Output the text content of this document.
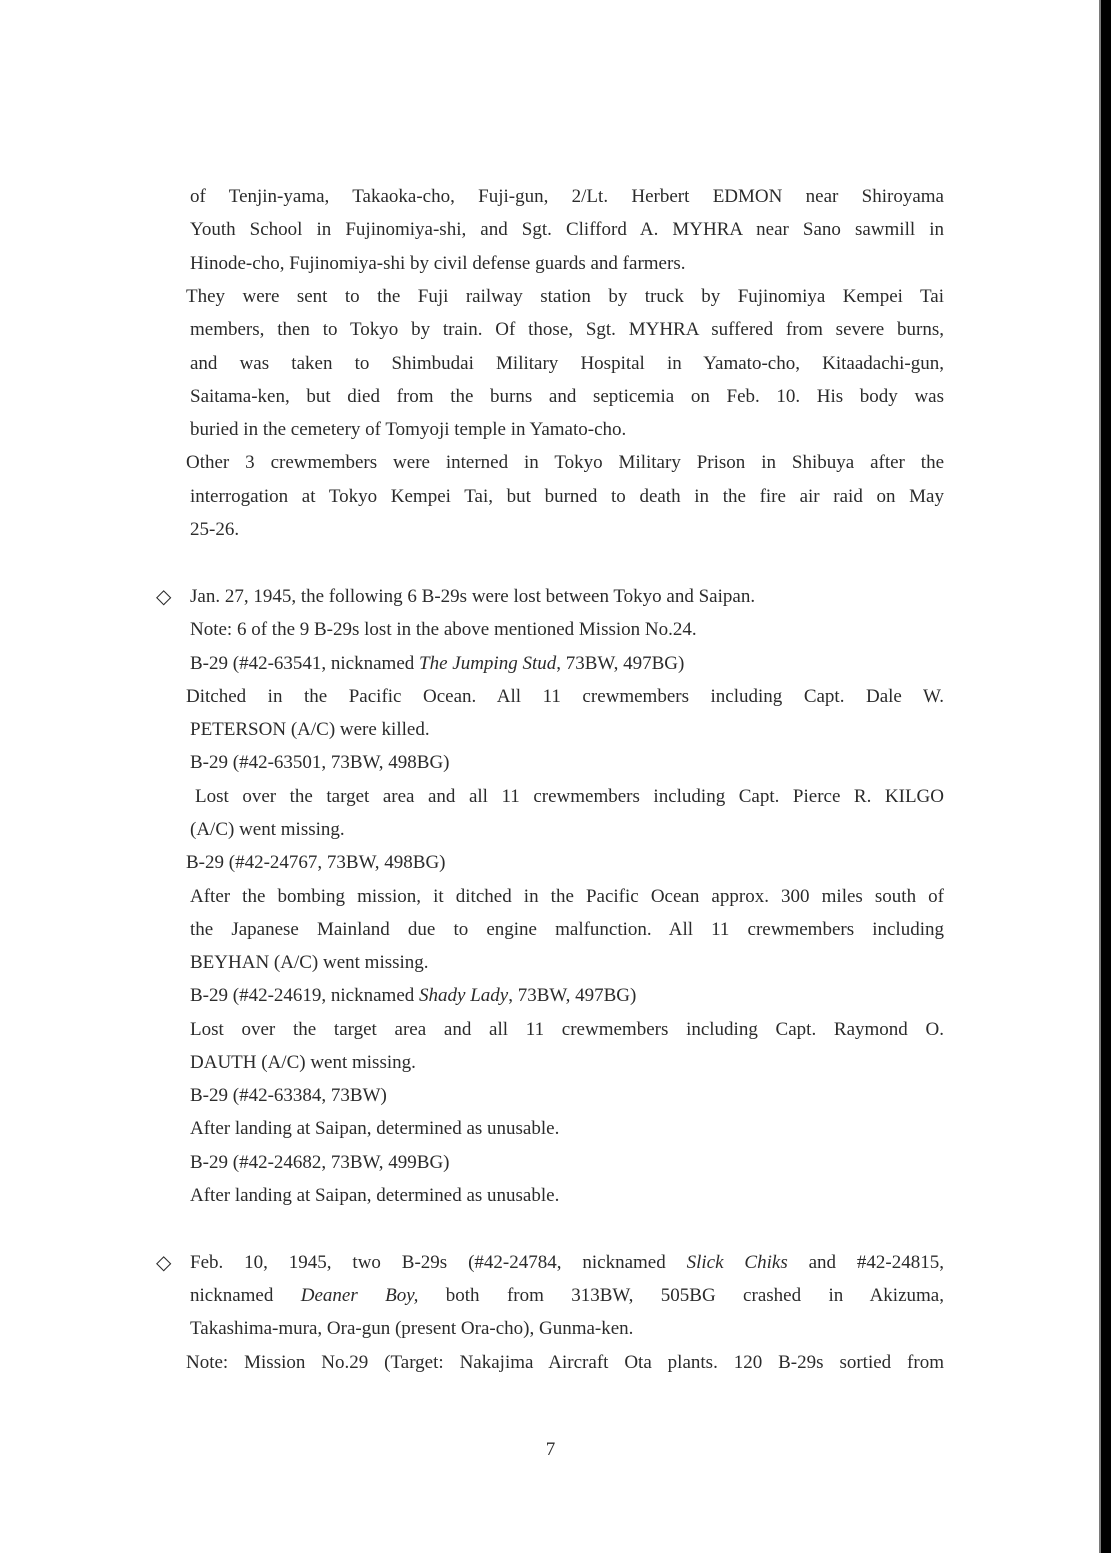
of Tenjin-yama, Takaoka-cho, Fuji-gun, 2/Lt. Herbert EDMON near Shiroyama
Youth School in Fujinomiya-shi, and Sgt. Clifford A. MYHRA near Sano sawmill in
Hinode-cho, Fujinomiya-shi by civil defense guards and farmers.
They were sent to the Fuji railway station by truck by Fujinomiya Kempei Tai
members, then to Tokyo by train. Of those, Sgt. MYHRA suffered from severe burns,
and was taken to Shimbudai Military Hospital in Yamato-cho, Kitaadachi-gun,
Saitama-ken, but died from the burns and septicemia on Feb. 10. His body was
buried in the cemetery of Tomyoji temple in Yamato-cho.
Other 3 crewmembers were interned in Tokyo Military Prison in Shibuya after the
interrogation at Tokyo Kempei Tai, but burned to death in the fire air raid on May
25-26.
◇ Jan. 27, 1945, the following 6 B-29s were lost between Tokyo and Saipan.
Note: 6 of the 9 B-29s lost in the above mentioned Mission No.24.
B-29 (#42-63541, nicknamed The Jumping Stud, 73BW, 497BG)
Ditched in the Pacific Ocean. All 11 crewmembers including Capt. Dale W.
PETERSON (A/C) were killed.
B-29 (#42-63501, 73BW, 498BG)
Lost over the target area and all 11 crewmembers including Capt. Pierce R. KILGO
(A/C) went missing.
B-29 (#42-24767, 73BW, 498BG)
After the bombing mission, it ditched in the Pacific Ocean approx. 300 miles south of
the Japanese Mainland due to engine malfunction. All 11 crewmembers including
BEYHAN (A/C) went missing.
B-29 (#42-24619, nicknamed Shady Lady, 73BW, 497BG)
Lost over the target area and all 11 crewmembers including Capt. Raymond O.
DAUTH (A/C) went missing.
B-29 (#42-63384, 73BW)
After landing at Saipan, determined as unusable.
B-29 (#42-24682, 73BW, 499BG)
After landing at Saipan, determined as unusable.
◇ Feb. 10, 1945, two B-29s (#42-24784, nicknamed Slick Chiks and #42-24815,
nicknamed Deaner Boy, both from 313BW, 505BG crashed in Akizuma,
Takashima-mura, Ora-gun (present Ora-cho), Gunma-ken.
Note: Mission No.29 (Target: Nakajima Aircraft Ota plants. 120 B-29s sortied from
7
